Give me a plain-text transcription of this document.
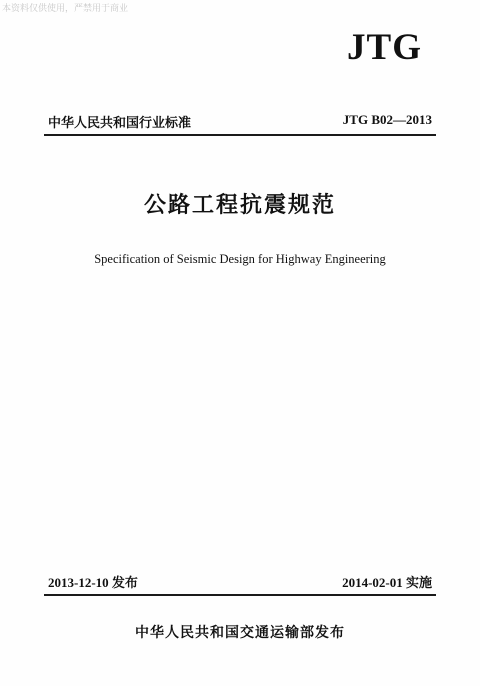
本资料仅供使用，严禁用于商业
JTG
中华人民共和国行业标准	JTG B02—2013
公路工程抗震规范
Specification of Seismic Design for Highway Engineering
2013-12-10 发布	2014-02-01 实施
中华人民共和国交通运输部发布
